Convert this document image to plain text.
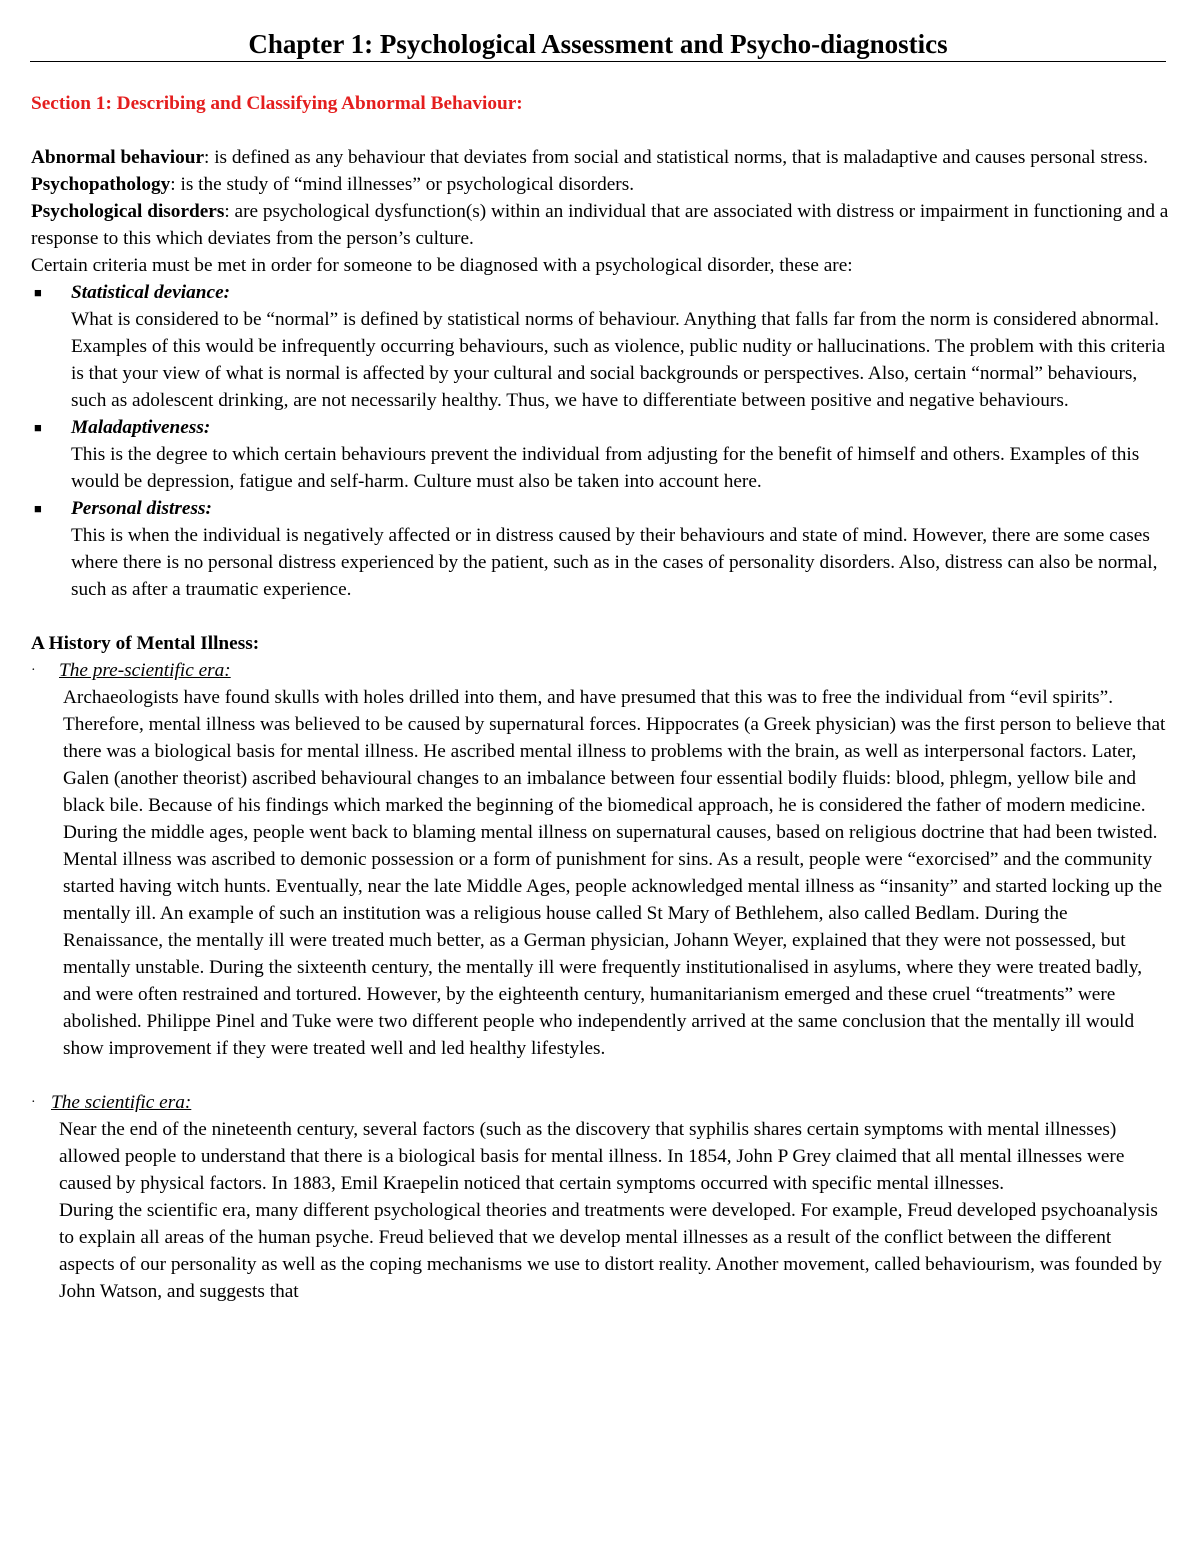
Chapter 1: Psychological Assessment and Psycho-diagnostics
Section 1: Describing and Classifying Abnormal Behaviour:

Abnormal behaviour: is defined as any behaviour that deviates from social and statistical norms, that is maladaptive and causes personal stress.

Psychopathology: is the study of “mind illnesses” or psychological disorders.

Psychological disorders: are psychological dysfunction(s) within an individual that are associated with distress or impairment in functioning and a response to this which deviates from the person’s culture.

Certain criteria must be met in order for someone to be diagnosed with a psychological disorder, these are:

■ Statistical deviance:
What is considered to be “normal” is defined by statistical norms of behaviour. Anything that falls far from the norm is considered abnormal. Examples of this would be infrequently occurring behaviours, such as violence, public nudity or hallucinations. The problem with this criteria is that your view of what is normal is affected by your cultural and social backgrounds or perspectives. Also, certain “normal” behaviours, such as adolescent drinking, are not necessarily healthy. Thus, we have to differentiate between positive and negative behaviours.
■ Maladaptiveness:
This is the degree to which certain behaviours prevent the individual from adjusting for the benefit of himself and others. Examples of this would be depression, fatigue and self-harm. Culture must also be taken into account here.
■ Personal distress:
This is when the individual is negatively affected or in distress caused by their behaviours and state of mind. However, there are some cases where there is no personal distress experienced by the patient, such as in the cases of personality disorders. Also, distress can also be normal, such as after a traumatic experience.
A History of Mental Illness:
·	The pre-scientific era:
Archaeologists have found skulls with holes drilled into them, and have presumed that this was to free the individual from “evil spirits”. Therefore, mental illness was believed to be caused by supernatural forces. Hippocrates (a Greek physician) was the first person to believe that there was a biological basis for mental illness. He ascribed mental illness to problems with the brain, as well as interpersonal factors. Later, Galen (another theorist) ascribed behavioural changes to an imbalance between four essential bodily fluids: blood, phlegm, yellow bile and black bile. Because of his findings which marked the beginning of the biomedical approach, he is considered the father of modern medicine. During the middle ages, people went back to blaming mental illness on supernatural causes, based on religious doctrine that had been twisted. Mental illness was ascribed to demonic possession or a form of punishment for sins. As a result, people were “exorcised” and the community started having witch hunts. Eventually, near the late Middle Ages, people acknowledged mental illness as “insanity” and started locking up the mentally ill. An example of such an institution was a religious house called St Mary of Bethlehem, also called Bedlam. During the Renaissance, the mentally ill were treated much better, as a German physician, Johann Weyer, explained that they were not possessed, but mentally unstable. During the sixteenth century, the mentally ill were frequently institutionalised in asylums, where they were treated badly, and were often restrained and tortured. However, by the eighteenth century, humanitarianism emerged and these cruel “treatments” were abolished. Philippe Pinel and Tuke were two different people who independently arrived at the same conclusion that the mentally ill would show improvement if they were treated well and led healthy lifestyles.
· The scientific era:
Near the end of the nineteenth century, several factors (such as the discovery that syphilis shares certain symptoms with mental illnesses) allowed people to understand that there is a biological basis for mental illness. In 1854, John P Grey claimed that all mental illnesses were caused by physical factors. In 1883, Emil Kraepelin noticed that certain symptoms occurred with specific mental illnesses.
During the scientific era, many different psychological theories and treatments were developed. For example, Freud developed psychoanalysis to explain all areas of the human psyche. Freud believed that we develop mental illnesses as a result of the conflict between the different aspects of our personality as well as the coping mechanisms we use to distort reality. Another movement, called behaviourism, was founded by John Watson, and suggests that
